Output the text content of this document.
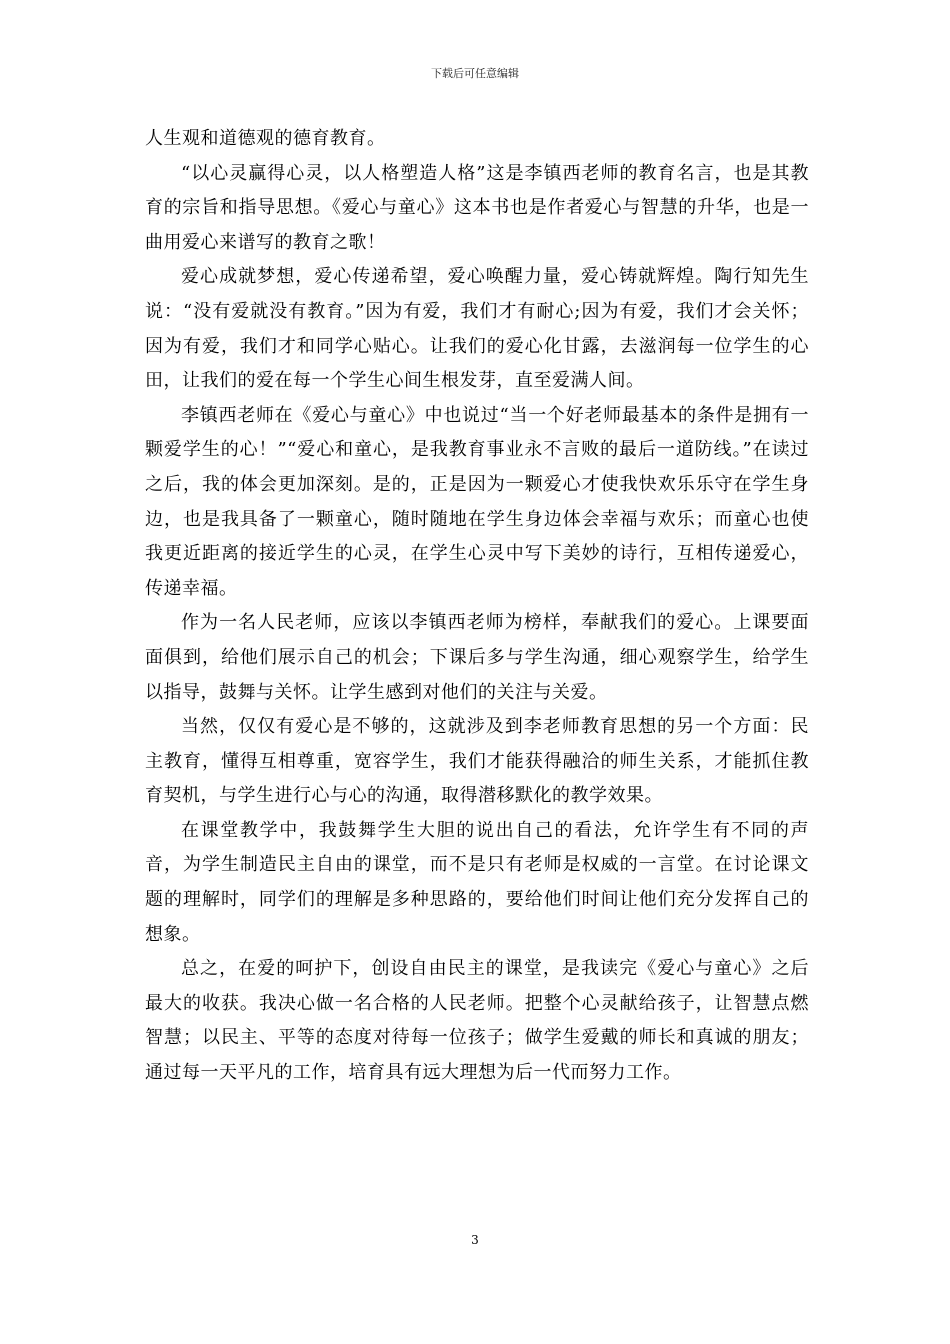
下载后可任意编辑

人生观和道德观的德育教育。

“以心灵赢得心灵，以人格塑造人格”这是李镇西老师的教育名言，也是其教育的宗旨和指导思想。《爱心与童心》这本书也是作者爱心与智慧的升华，也是一曲用爱心来谱写的教育之歌！

爱心成就梦想，爱心传递希望，爱心唤醒力量，爱心铸就辉煌。陶行知先生说：“没有爱就没有教育。”因为有爱，我们才有耐心;因为有爱，我们才会关怀；因为有爱，我们才和同学心贴心。让我们的爱心化甘露，去滋润每一位学生的心田，让我们的爱在每一个学生心间生根发芽，直至爱满人间。

李镇西老师在《爱心与童心》中也说过“当一个好老师最基本的条件是拥有一颗爱学生的心！”“爱心和童心，是我教育事业永不言败的最后一道防线。”在读过之后，我的体会更加深刻。是的，正是因为一颗爱心才使我快欢乐乐守在学生身边，也是我具备了一颗童心，随时随地在学生身边体会幸福与欢乐；而童心也使我更近距离的接近学生的心灵，在学生心灵中写下美妙的诗行，互相传递爱心，传递幸福。

作为一名人民老师，应该以李镇西老师为榜样，奉献我们的爱心。上课要面面俱到，给他们展示自己的机会；下课后多与学生沟通，细心观察学生，给学生以指导，鼓舞与关怀。让学生感到对他们的关注与关爱。

当然，仅仅有爱心是不够的，这就涉及到李老师教育思想的另一个方面：民主教育，懂得互相尊重，宽容学生，我们才能获得融洽的师生关系，才能抓住教育契机，与学生进行心与心的沟通，取得潜移默化的教学效果。

在课堂教学中，我鼓舞学生大胆的说出自己的看法，允许学生有不同的声音，为学生制造民主自由的课堂，而不是只有老师是权威的一言堂。在讨论课文题的理解时，同学们的理解是多种思路的，要给他们时间让他们充分发挥自己的想象。

总之，在爱的呵护下，创设自由民主的课堂，是我读完《爱心与童心》之后最大的收获。我决心做一名合格的人民老师。把整个心灵献给孩子，让智慧点燃智慧；以民主、平等的态度对待每一位孩子；做学生爱戴的师长和真诚的朋友；通过每一天平凡的工作，培育具有远大理想为后一代而努力工作。

3
